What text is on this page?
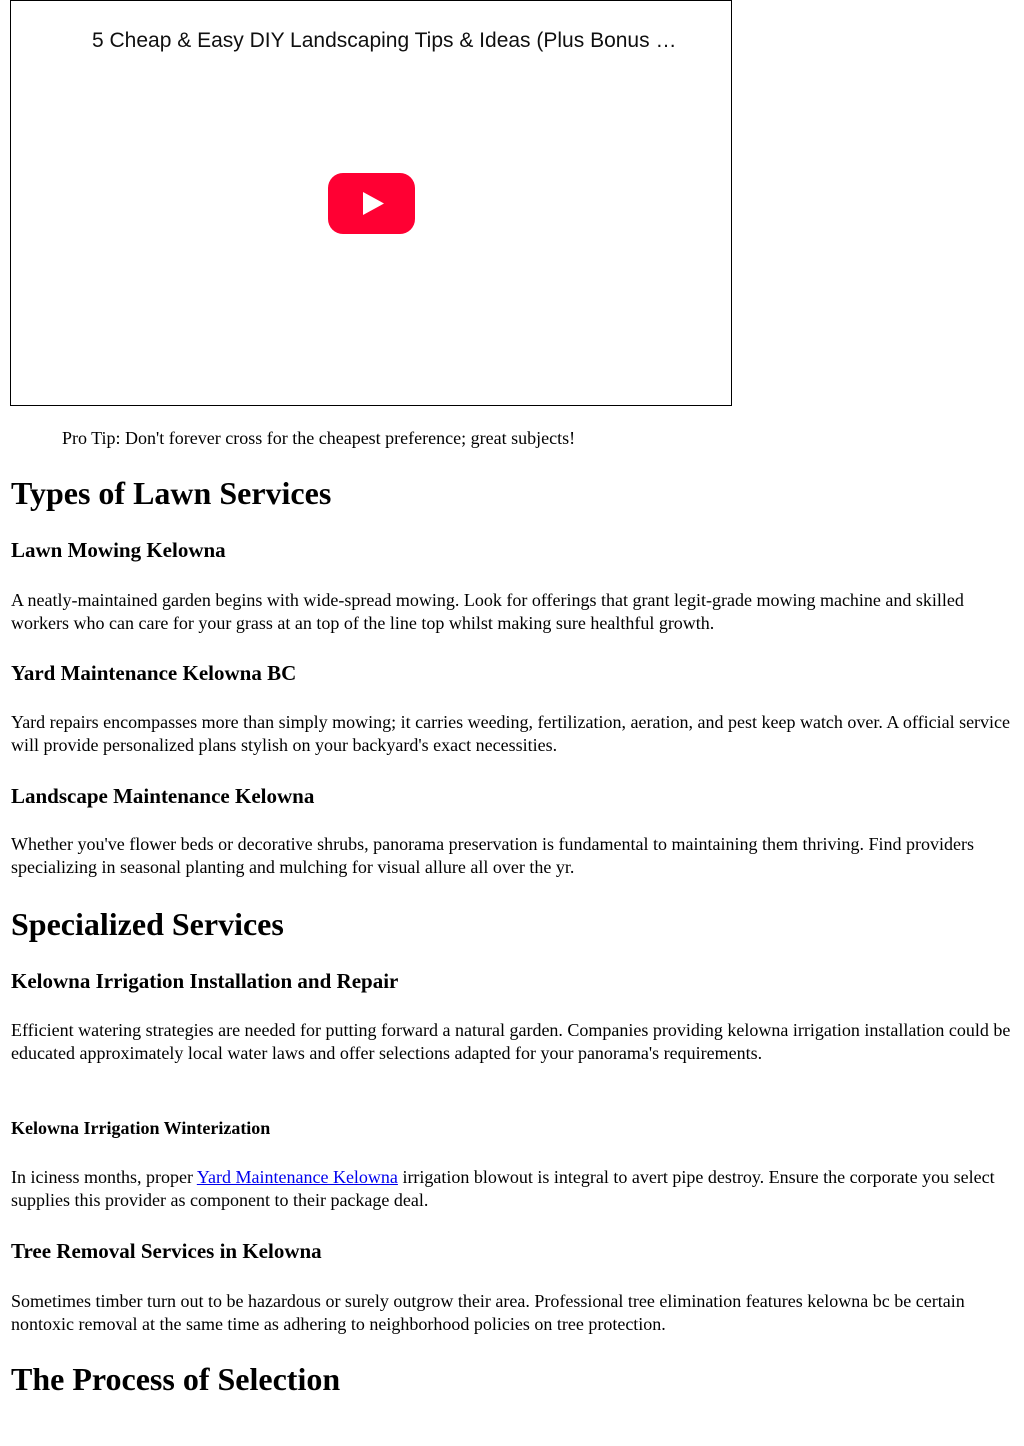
5 Cheap & Easy DIY Landscaping Tips & Ideas (Plus Bonus …
Pro Tip: Don't forever cross for the cheapest preference; great subjects!
Types of Lawn Services
Lawn Mowing Kelowna

A neatly-maintained garden begins with wide-spread mowing. Look for offerings that grant legit-grade mowing machine and skilled workers who can care for your grass at an top of the line top whilst making sure healthful growth.

Yard Maintenance Kelowna BC

Yard repairs encompasses more than simply mowing; it carries weeding, fertilization, aeration, and pest keep watch over. A official service will provide personalized plans stylish on your backyard's exact necessities.

Landscape Maintenance Kelowna

Whether you've flower beds or decorative shrubs, panorama preservation is fundamental to maintaining them thriving. Find providers specializing in seasonal planting and mulching for visual allure all over the yr.

Specialized Services
Kelowna Irrigation Installation and Repair

Efficient watering strategies are needed for putting forward a natural garden. Companies providing kelowna irrigation installation could be educated approximately local water laws and offer selections adapted for your panorama's requirements.

Kelowna Irrigation Winterization

In iciness months, proper Yard Maintenance Kelowna irrigation blowout is integral to avert pipe destroy. Ensure the corporate you select supplies this provider as component to their package deal.

Tree Removal Services in Kelowna

Sometimes timber turn out to be hazardous or surely outgrow their area. Professional tree elimination features kelowna bc be certain nontoxic removal at the same time as adhering to neighborhood policies on tree protection.

The Process of Selection
